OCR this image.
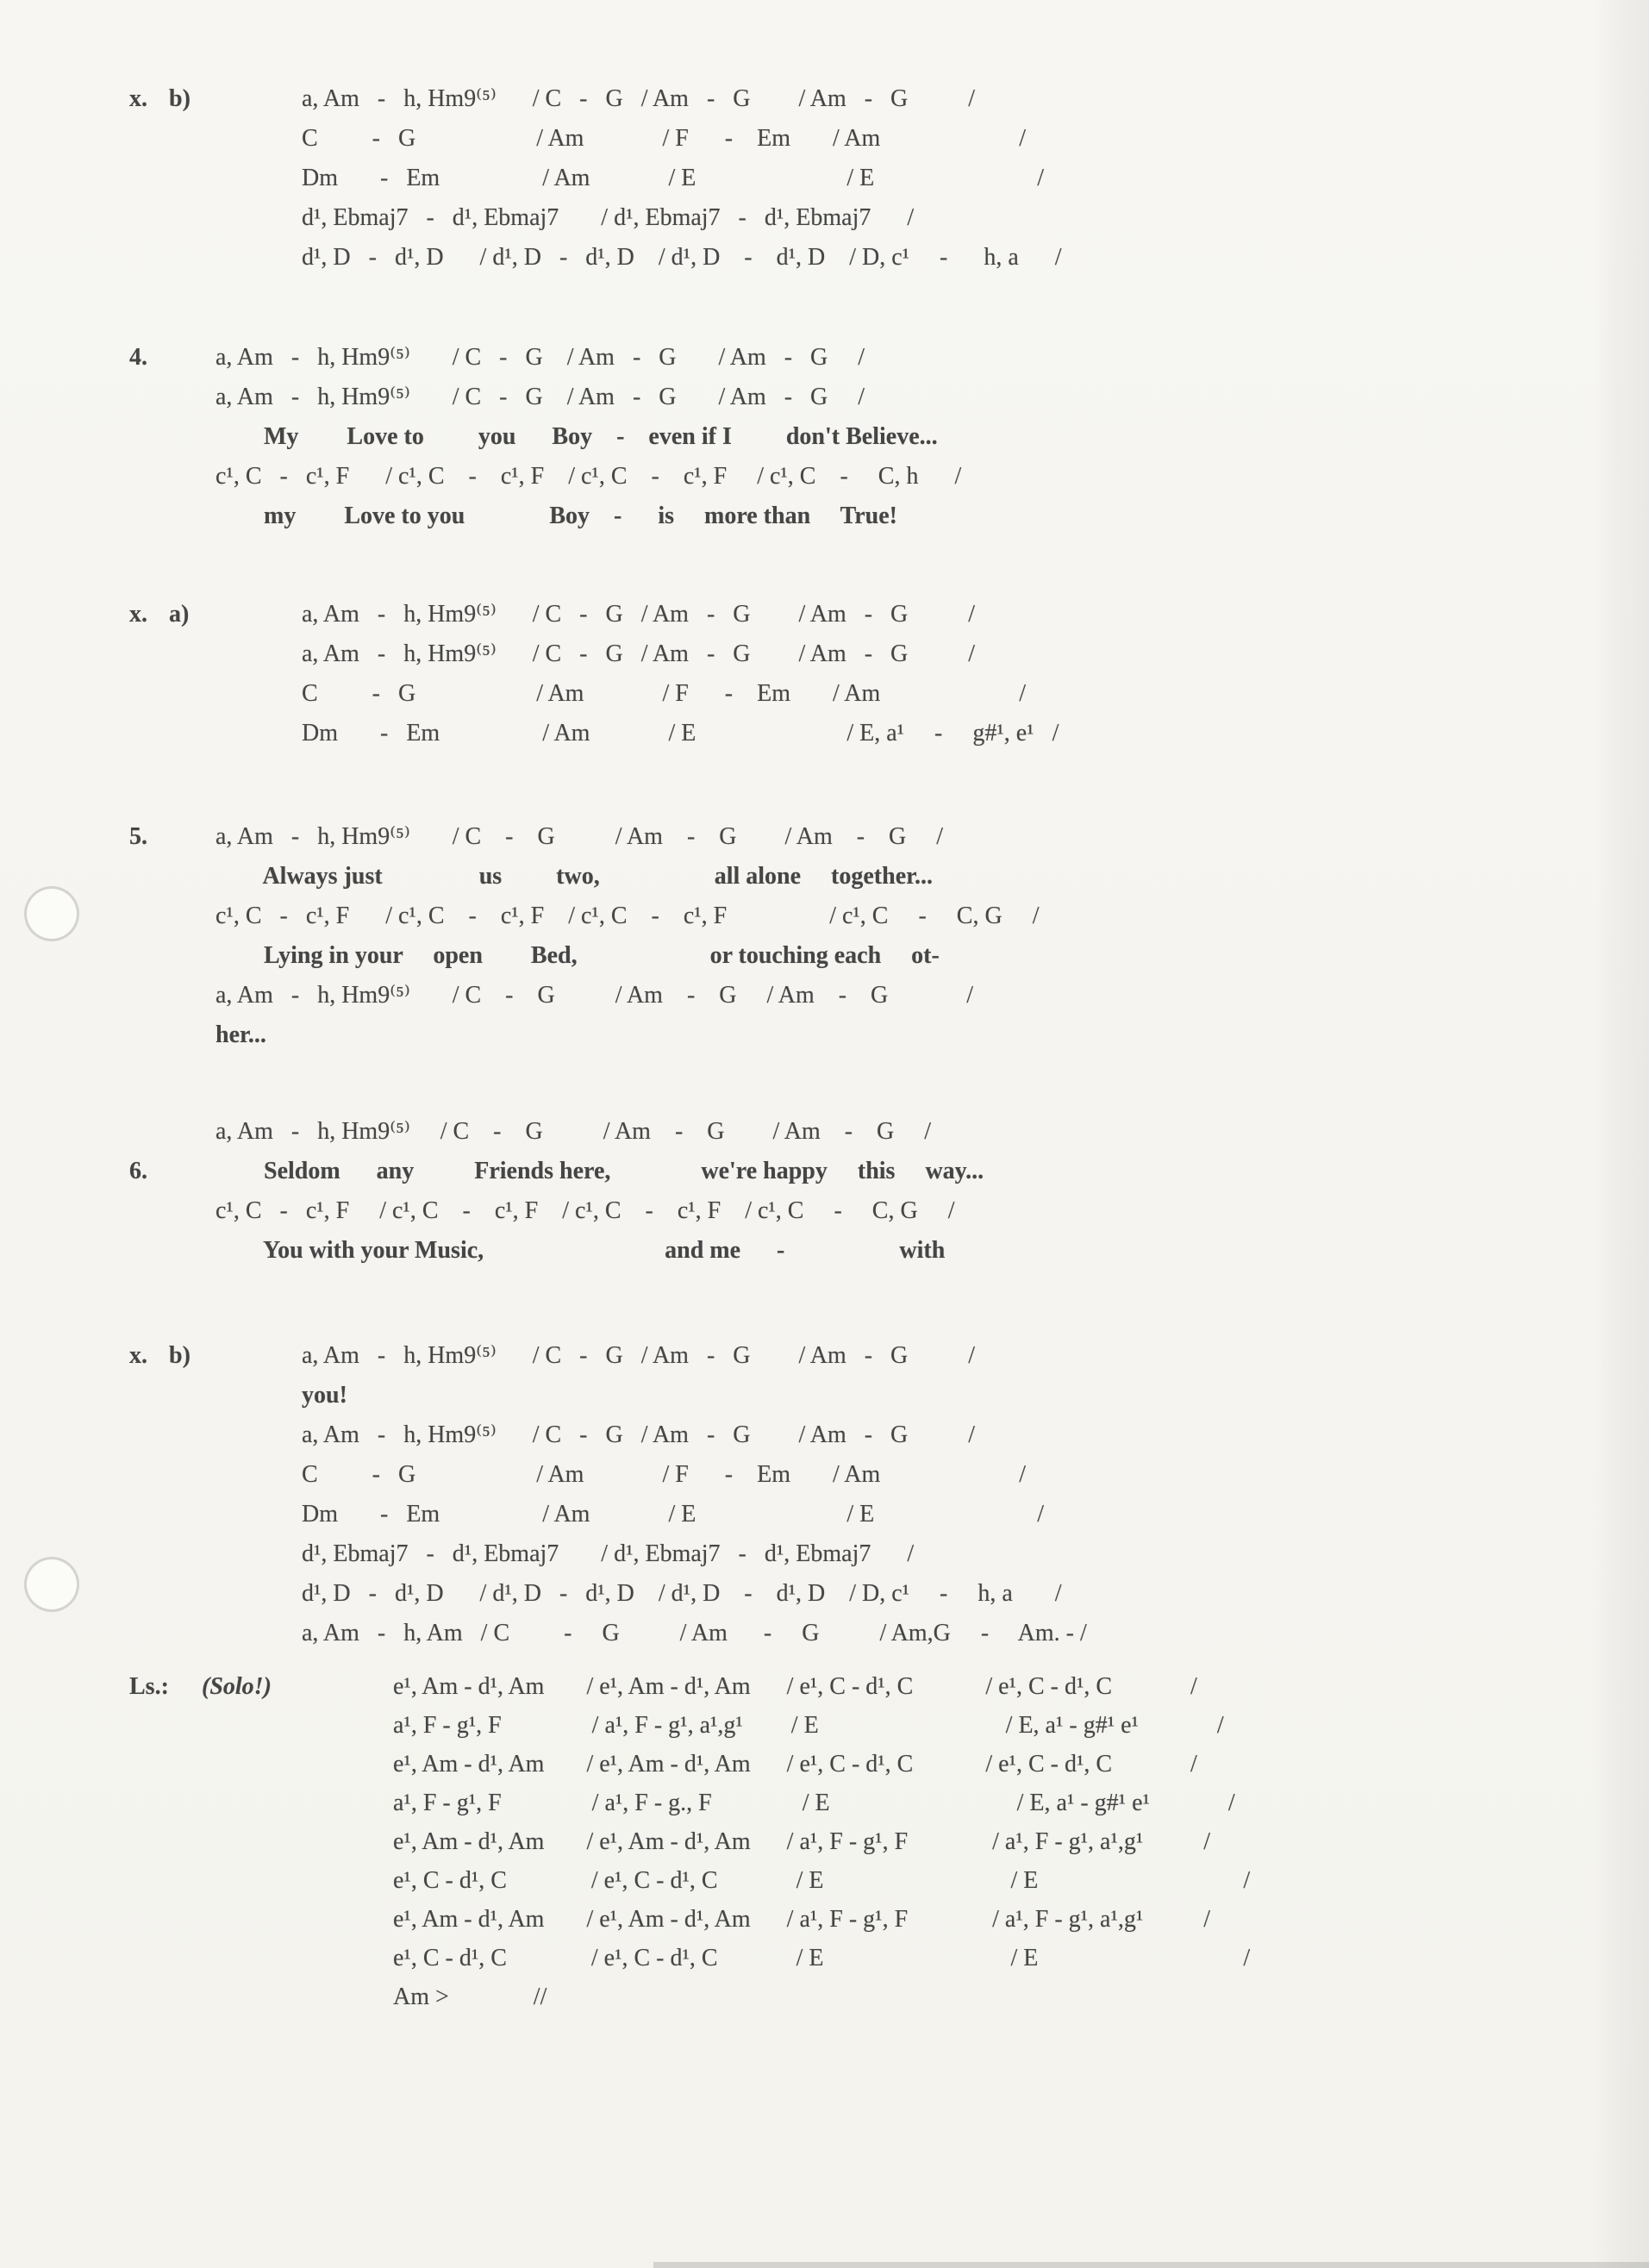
x. b)	a, Am   -   h, Hm9⁽⁵⁾      / C   -   G   / Am   -   G        / Am   -   G          /
C         -   G                    / Am             / F      -    Em       / Am                       /
Dm       -   Em                 / Am             / E                         / E                           /
d¹, Ebmaj7   -   d¹, Ebmaj7       / d¹, Ebmaj7   -   d¹, Ebmaj7      /
d¹, D   -   d¹, D      / d¹, D   -   d¹, D    / d¹, D    -    d¹, D    / D, c¹     -      h, a      /
4.	a, Am   -   h, Hm9⁽⁵⁾       / C   -   G    / Am   -   G       / Am   -   G     /
a, Am   -   h, Hm9⁽⁵⁾       / C   -   G    / Am   -   G       / Am   -   G     /
My        Love to         you      Boy    -    even if I         don't Believe...
c¹, C   -   c¹, F      / c¹, C    -    c¹, F    / c¹, C    -    c¹, F     / c¹, C    -     C, h      /
my        Love to you              Boy    -      is     more than     True!
x. a)	a, Am   -   h, Hm9⁽⁵⁾      / C   -   G   / Am   -   G        / Am   -   G          /
a, Am   -   h, Hm9⁽⁵⁾      / C   -   G   / Am   -   G        / Am   -   G          /
C         -   G                    / Am             / F      -    Em       / Am                       /
Dm       -   Em                 / Am             / E                         / E, a¹     -     g#¹, e¹   /
5.	a, Am   -   h, Hm9⁽⁵⁾       / C    -    G          / Am    -    G        / Am    -    G     /
Always just                us         two,                   all alone     together...
c¹, C   -   c¹, F      / c¹, C    -    c¹, F    / c¹, C    -    c¹, F                 / c¹, C     -     C, G     /
Lying in your     open        Bed,                      or touching each     ot-
a, Am   -   h, Hm9⁽⁵⁾       / C    -    G          / Am    -    G     / Am    -    G             /
her...
a, Am   -   h, Hm9⁽⁵⁾     / C    -    G          / Am    -    G        / Am    -    G     /
6.	Seldom      any          Friends here,               we're happy     this     way...
c¹, C   -   c¹, F     / c¹, C    -    c¹, F    / c¹, C    -    c¹, F    / c¹, C     -     C, G     /
You with your Music,                              and me      -                   with
x. b)	a, Am   -   h, Hm9⁽⁵⁾      / C   -   G   / Am   -   G        / Am   -   G          /
you!
a, Am   -   h, Hm9⁽⁵⁾      / C   -   G   / Am   -   G        / Am   -   G          /
C         -   G                    / Am             / F      -    Em       / Am                       /
Dm       -   Em                 / Am             / E                         / E                           /
d¹, Ebmaj7   -   d¹, Ebmaj7       / d¹, Ebmaj7   -   d¹, Ebmaj7      /
d¹, D   -   d¹, D      / d¹, D   -   d¹, D    / d¹, D    -    d¹, D    / D, c¹     -     h, a       /
a, Am   -   h, Am   / C         -     G          / Am      -     G          / Am,G     -     Am. - /
Ls.:	(Solo!)	e¹, Am - d¹, Am       / e¹, Am - d¹, Am      / e¹, C - d¹, C            / e¹, C - d¹, C             /
a¹, F - g¹, F               / a¹, F - g¹, a¹,g¹        / E                               / E, a¹ - g#¹ e¹             /
e¹, Am - d¹, Am       / e¹, Am - d¹, Am      / e¹, C - d¹, C            / e¹, C - d¹, C             /
a¹, F - g¹, F               / a¹, F - g., F               / E                               / E, a¹ - g#¹ e¹             /
e¹, Am - d¹, Am       / e¹, Am - d¹, Am      / a¹, F - g¹, F              / a¹, F - g¹, a¹,g¹          /
e¹, C - d¹, C              / e¹, C - d¹, C             / E                               / E                                  /
e¹, Am - d¹, Am       / e¹, Am - d¹, Am      / a¹, F - g¹, F              / a¹, F - g¹, a¹,g¹          /
e¹, C - d¹, C              / e¹, C - d¹, C             / E                               / E                                  /
Am >              //
